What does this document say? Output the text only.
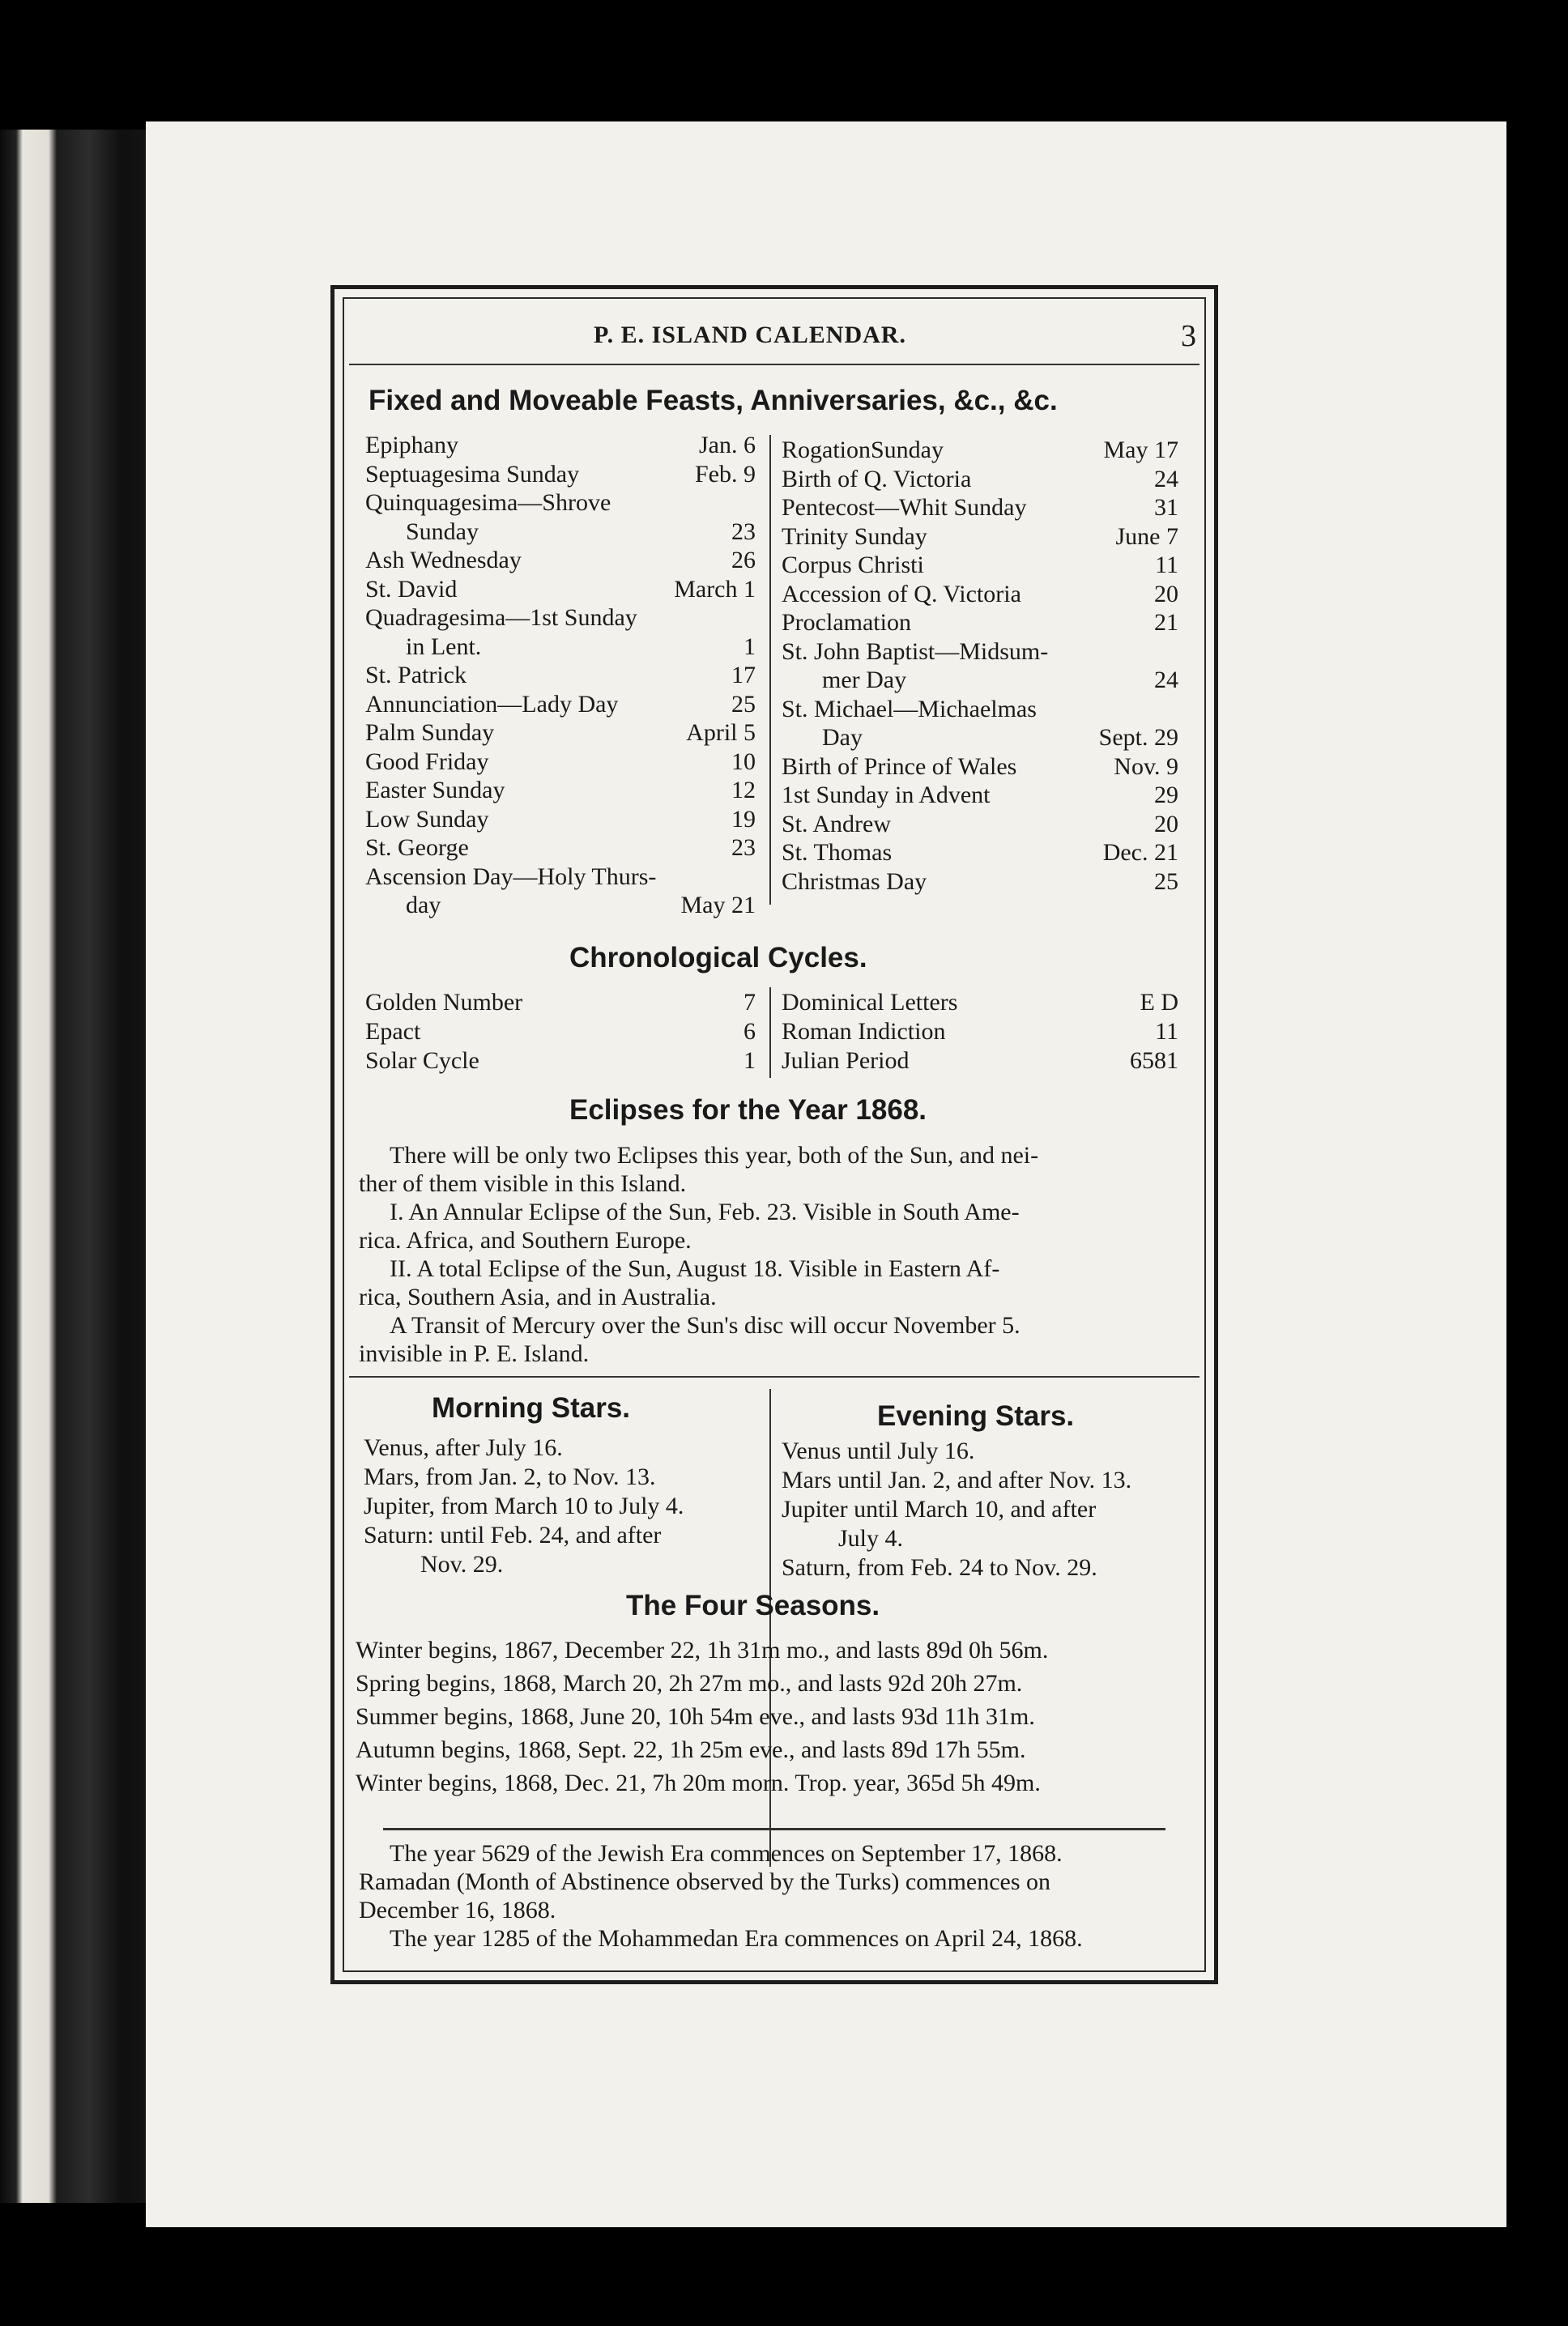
P. E. ISLAND CALENDAR.	3
Fixed and Moveable Feasts, Anniversaries, &c., &c.
Epiphany	Jan. 6
Septuagesima Sunday	Feb. 9
Quinquagesima—Shrove
Sunday	23
Ash Wednesday	26
St. David	March 1
Quadragesima—1st Sunday
in Lent.	1
St. Patrick	17
Annunciation—Lady Day	25
Palm Sunday	April 5
Good Friday	10
Easter Sunday	12
Low Sunday	19
St. George	23
Ascension Day—Holy Thurs-
day	May 21
RogationSunday	May 17
Birth of Q. Victoria	24
Pentecost—Whit Sunday	31
Trinity Sunday	June 7
Corpus Christi	11
Accession of Q. Victoria	20
Proclamation	21
St. John Baptist—Midsum-
mer Day	24
St. Michael—Michaelmas
Day	Sept. 29
Birth of Prince of Wales	Nov. 9
1st Sunday in Advent	29
St. Andrew	20
St. Thomas	Dec. 21
Christmas Day	25
Chronological Cycles.
Golden Number	7
Epact	6
Solar Cycle	1
Dominical Letters	E D
Roman Indiction	11
Julian Period	6581
Eclipses for the Year 1868.
There will be only two Eclipses this year, both of the Sun, and nei-
ther of them visible in this Island.
I. An Annular Eclipse of the Sun, Feb. 23. Visible in South Ame-
rica. Africa, and Southern Europe.
II. A total Eclipse of the Sun, August 18. Visible in Eastern Af-
rica, Southern Asia, and in Australia.
A Transit of Mercury over the Sun's disc will occur November 5.
invisible in P. E. Island.
Morning Stars.	Evening Stars.
Venus, after July 16.
Mars, from Jan. 2, to Nov. 13.
Jupiter, from March 10 to July 4.
Saturn: until Feb. 24, and after
Nov. 29.
Venus until July 16.
Mars until Jan. 2, and after Nov. 13.
Jupiter until March 10, and after
July 4.
Saturn, from Feb. 24 to Nov. 29.
The Four Seasons.
Winter begins, 1867, December 22, 1h 31m mo., and lasts 89d 0h 56m.
Spring begins, 1868, March 20, 2h 27m mo., and lasts 92d 20h 27m.
Summer begins, 1868, June 20, 10h 54m eve., and lasts 93d 11h 31m.
Autumn begins, 1868, Sept. 22, 1h 25m eve., and lasts 89d 17h 55m.
Winter begins, 1868, Dec. 21, 7h 20m morn. Trop. year, 365d 5h 49m.
The year 5629 of the Jewish Era commences on September 17, 1868.
Ramadan (Month of Abstinence observed by the Turks) commences on
December 16, 1868.
The year 1285 of the Mohammedan Era commences on April 24, 1868.
